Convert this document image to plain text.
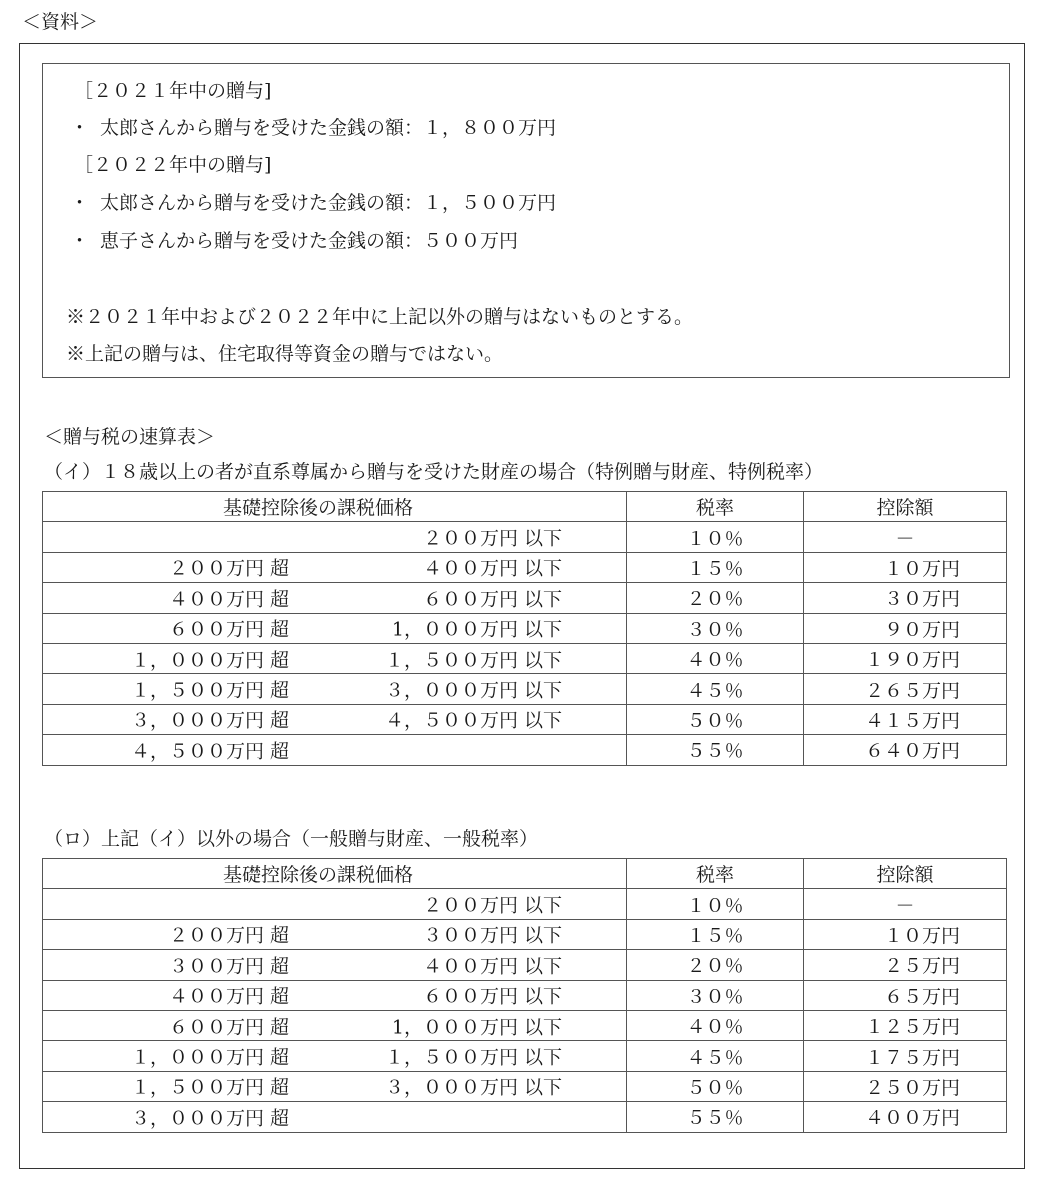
＜資料＞
［２０２１年中の贈与]
・ 太郎さんから贈与を受けた金銭の額：１，８００万円
［２０２２年中の贈与]
・ 太郎さんから贈与を受けた金銭の額：１，５００万円
・ 恵子さんから贈与を受けた金銭の額：５００万円
※２０２１年中および２０２２年中に上記以外の贈与はないものとする。
※上記の贈与は、住宅取得等資金の贈与ではない。
＜贈与税の速算表＞
（イ）１８歳以上の者が直系尊属から贈与を受けた財産の場合（特例贈与財産、特例税率）
基礎控除後の課税価格	税率	控除額

２００万円 以下	１０％	－

２００万円 超 ４００万円 以下	１５％	１０万円

４００万円 超 ６００万円 以下	２０％	３０万円

６００万円 超 1，０００万円 以下	３０％	９０万円

１，０００万円 超 １，５００万円 以下	４０％	１９０万円

１，５００万円 超 ３，０００万円 以下	４５％	２６５万円

３，０００万円 超 ４，５００万円 以下	５０％	４１５万円

４，５００万円 超	５５％	６４０万円
（ロ）上記（イ）以外の場合（一般贈与財産、一般税率）
基礎控除後の課税価格	税率	控除額

２００万円 以下	１０％	－

２００万円 超 ３００万円 以下	１５％	１０万円

３００万円 超 ４００万円 以下	２０％	２５万円

４００万円 超 ６００万円 以下	３０％	６５万円

６００万円 超 1，０００万円 以下	４０％	１２５万円

１，０００万円 超 １，５００万円 以下	４５％	１７５万円

１，５００万円 超 ３，０００万円 以下	５０％	２５０万円

３，０００万円 超	５５％	４００万円
